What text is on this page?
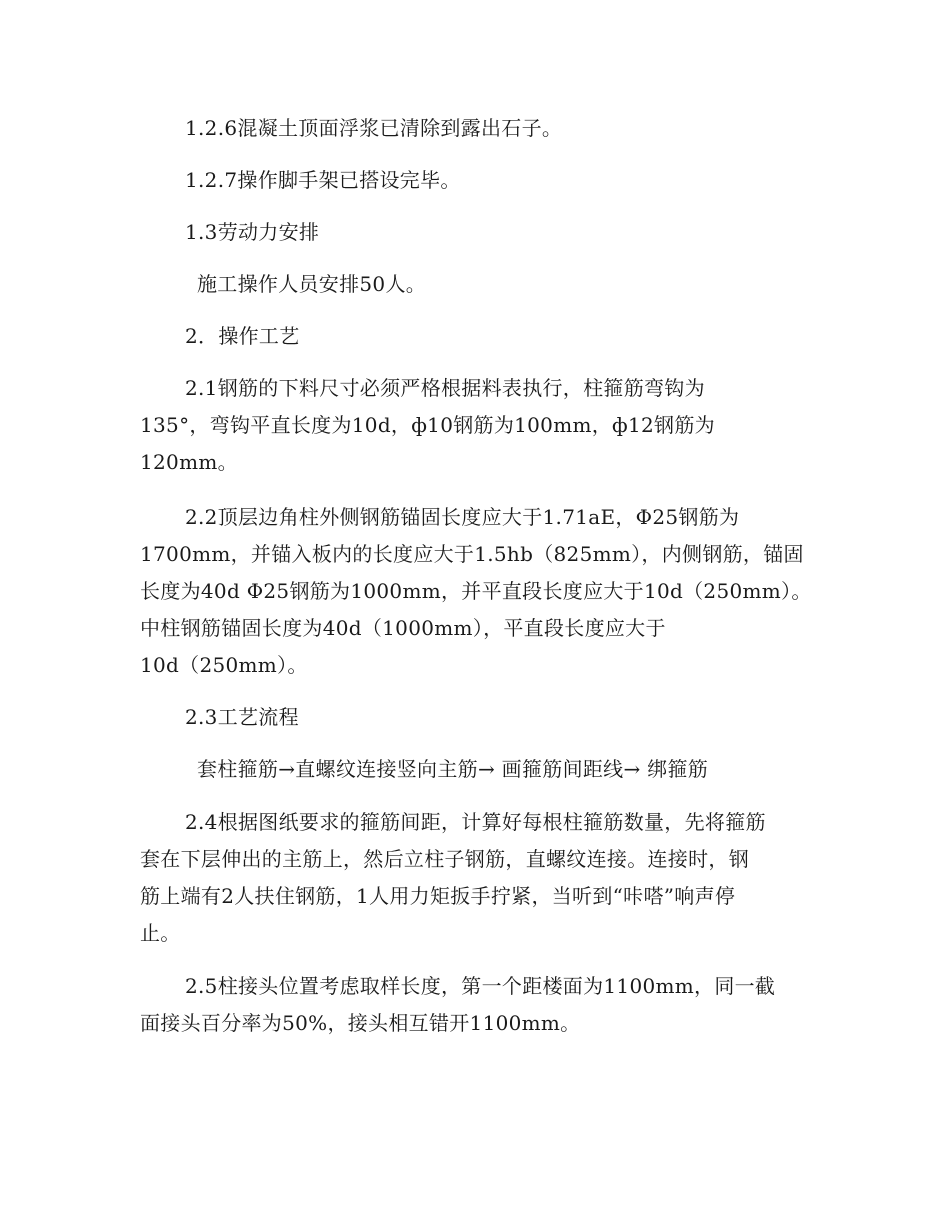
1.2.6混凝土顶面浮浆已清除到露出石子。
1.2.7操作脚手架已搭设完毕。
1.3劳动力安排
施工操作人员安排50人。
2．操作工艺
2.1钢筋的下料尺寸必须严格根据料表执行，柱箍筋弯钩为
135°，弯钩平直长度为10d，ф10钢筋为100mm，ф12钢筋为
120mm。
2.2顶层边角柱外侧钢筋锚固长度应大于1.71aE，Φ25钢筋为
1700mm，并锚入板内的长度应大于1.5hb（825mm），内侧钢筋，锚固
长度为40d Φ25钢筋为1000mm，并平直段长度应大于10d（250mm）。
中柱钢筋锚固长度为40d（1000mm），平直段长度应大于
10d（250mm）。
2.3工艺流程
套柱箍筋→直螺纹连接竖向主筋→ 画箍筋间距线→ 绑箍筋
2.4根据图纸要求的箍筋间距，计算好每根柱箍筋数量，先将箍筋
套在下层伸出的主筋上，然后立柱子钢筋，直螺纹连接。连接时，钢
筋上端有2人扶住钢筋，1人用力矩扳手拧紧，当听到“咔嗒”响声停
止。
2.5柱接头位置考虑取样长度，第一个距楼面为1100mm，同一截
面接头百分率为50%，接头相互错开1100mm。
